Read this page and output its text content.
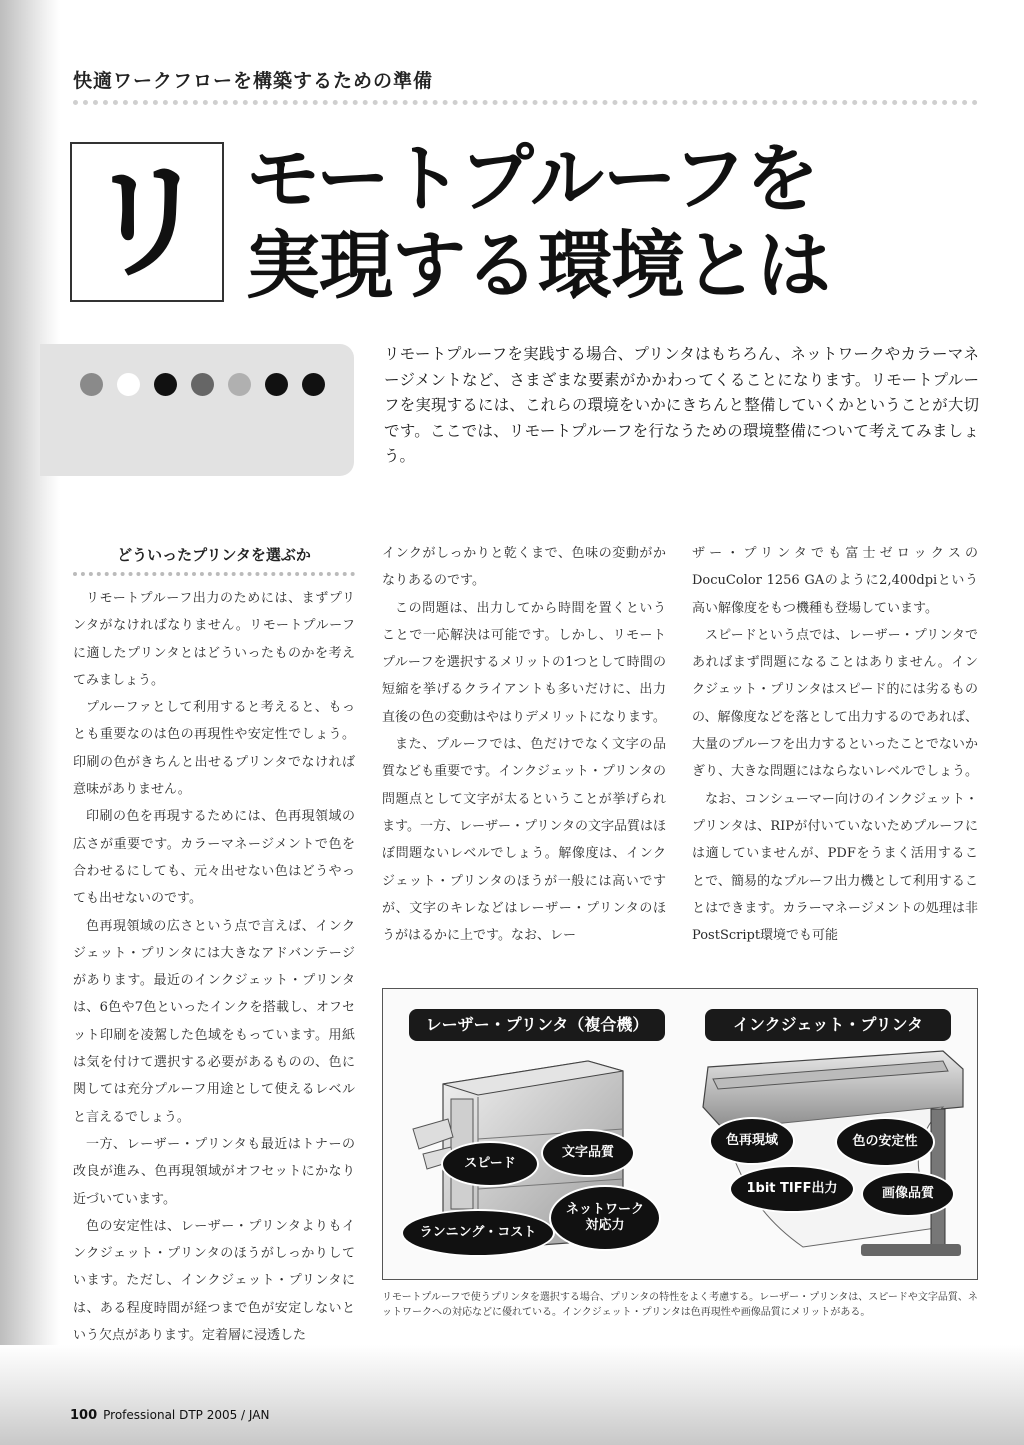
快適ワークフローを構築するための準備
リ モートプルーフを
実現する環境とは
リモートプルーフを実践する場合、プリンタはもちろん、ネットワークやカラーマネージメントなど、さまざまな要素がかかわってくることになります。リモートプルーフを実現するには、これらの環境をいかにきちんと整備していくかということが大切です。ここでは、リモートプルーフを行なうための環境整備について考えてみましょう。
どういったプリンタを選ぶか

リモートプルーフ出力のためには、まずプリンタがなければなりません。リモートプルーフに適したプリンタとはどういったものかを考えてみましょう。

プルーファとして利用すると考えると、もっとも重要なのは色の再現性や安定性でしょう。印刷の色がきちんと出せるプリンタでなければ意味がありません。

印刷の色を再現するためには、色再現領域の広さが重要です。カラーマネージメントで色を合わせるにしても、元々出せない色はどうやっても出せないのです。

色再現領域の広さという点で言えば、インクジェット・プリンタには大きなアドバンテージがあります。最近のインクジェット・プリンタは、6色や7色といったインクを搭載し、オフセット印刷を凌駕した色域をもっています。用紙は気を付けて選択する必要があるものの、色に関しては充分プルーフ用途として使えるレベルと言えるでしょう。

一方、レーザー・プリンタも最近はトナーの改良が進み、色再現領域がオフセットにかなり近づいています。

色の安定性は、レーザー・プリンタよりもインクジェット・プリンタのほうがしっかりしています。ただし、インクジェット・プリンタには、ある程度時間が経つまで色が安定しないという欠点があります。定着層に浸透した

インクがしっかりと乾くまで、色味の変動がかなりあるのです。

この問題は、出力してから時間を置くということで一応解決は可能です。しかし、リモートプルーフを選択するメリットの1つとして時間の短縮を挙げるクライアントも多いだけに、出力直後の色の変動はやはりデメリットになります。

また、プルーフでは、色だけでなく文字の品質なども重要です。インクジェット・プリンタの問題点として文字が太るということが挙げられます。一方、レーザー・プリンタの文字品質はほぼ問題ないレベルでしょう。解像度は、インクジェット・プリンタのほうが一般には高いですが、文字のキレなどはレーザー・プリンタのほうがはるかに上です。なお、レー

ザー・プリンタでも富士ゼロックスのDocuColor 1256 GAのように2,400dpiという高い解像度をもつ機種も登場しています。

スピードという点では、レーザー・プリンタであればまず問題になることはありません。インクジェット・プリンタはスピード的には劣るものの、解像度などを落として出力するのであれば、大量のプルーフを出力するといったことでないかぎり、大きな問題にはならないレベルでしょう。

なお、コンシューマー向けのインクジェット・プリンタは、RIPが付いていないためプルーフには適していませんが、PDFをうまく活用することで、簡易的なプルーフ出力機として利用することはできます。カラーマネージメントの処理は非PostScript環境でも可能

レーザー・プリンタ（複合機）	インクジェット・プリンタ
スピード
文字品質
ネットワーク
対応力
ランニング・コスト
色再現域	色の安定性
1bit TIFF出力	画像品質
リモートプルーフで使うプリンタを選択する場合、プリンタの特性をよく考慮する。レーザー・プリンタは、スピードや文字品質、ネットワークへの対応などに優れている。インクジェット・プリンタは色再現性や画像品質にメリットがある。
100 Professional DTP 2005 / JAN
